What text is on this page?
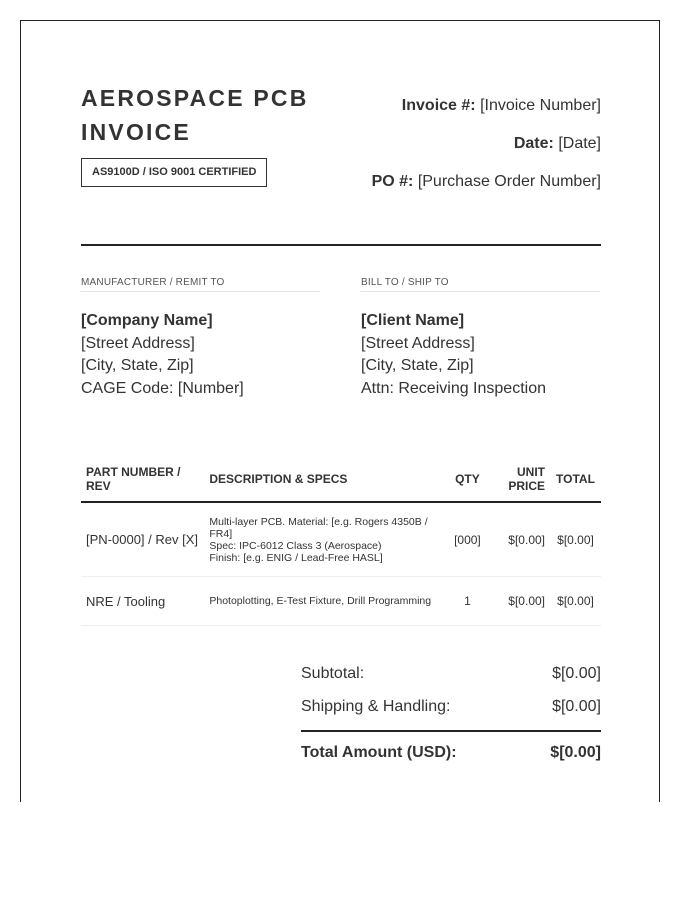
AEROSPACE PCB INVOICE
AS9100D / ISO 9001 CERTIFIED
Invoice #: [Invoice Number]
Date: [Date]
PO #: [Purchase Order Number]
MANUFACTURER / REMIT TO
[Company Name]
[Street Address]
[City, State, Zip]
CAGE Code: [Number]
BILL TO / SHIP TO
[Client Name]
[Street Address]
[City, State, Zip]
Attn: Receiving Inspection
PART NUMBER / REV	DESCRIPTION & SPECS	QTY	UNIT PRICE	TOTAL
[PN-0000] / Rev [X]	Multi-layer PCB. Material: [e.g. Rogers 4350B / FR4]
Spec: IPC-6012 Class 3 (Aerospace)
Finish: [e.g. ENIG / Lead-Free HASL]	[000]	$[0.00]	$[0.00]
NRE / Tooling	Photoplotting, E-Test Fixture, Drill Programming	1	$[0.00]	$[0.00]
Subtotal:	$[0.00]
Shipping & Handling:	$[0.00]
Total Amount (USD):	$[0.00]
